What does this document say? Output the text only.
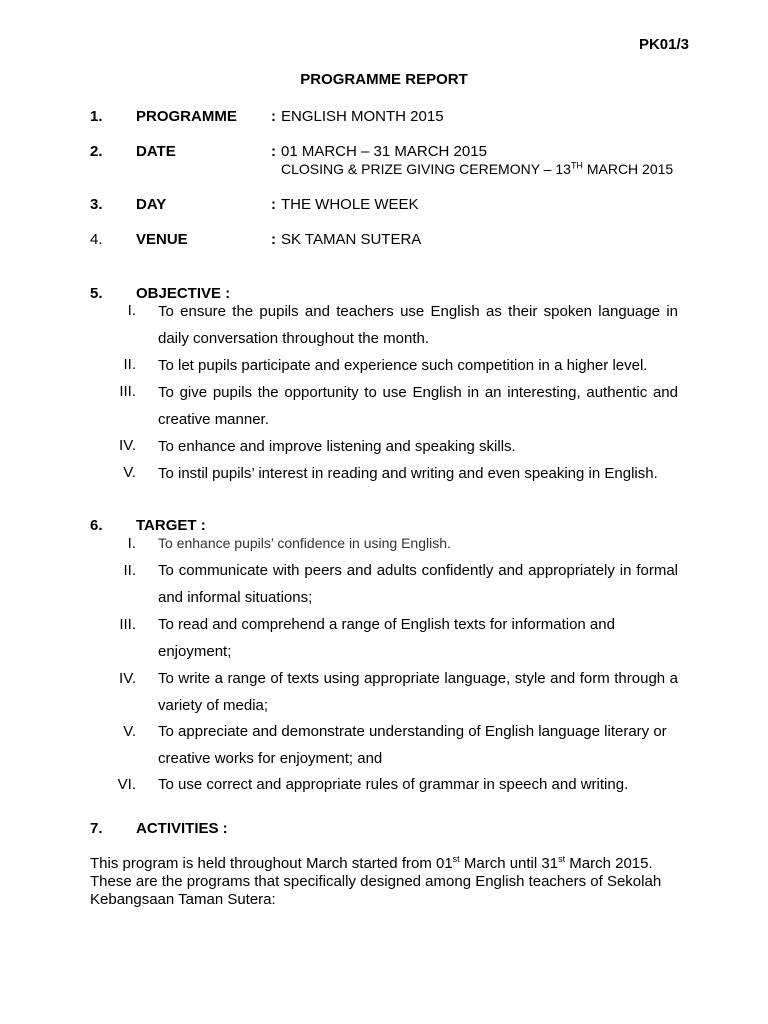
PK01/3
PROGRAMME REPORT
1. PROGRAMME : ENGLISH MONTH 2015
2. DATE	: 01 MARCH – 31 MARCH 2015
CLOSING & PRIZE GIVING CEREMONY – 13TH MARCH 2015
3. DAY	: THE WHOLE WEEK
4. VENUE	: SK TAMAN SUTERA
5. OBJECTIVE :
I. To ensure the pupils and teachers use English as their spoken language in daily conversation throughout the month.
II. To let pupils participate and experience such competition in a higher level.
III. To give pupils the opportunity to use English in an interesting, authentic and creative manner.
IV. To enhance and improve listening and speaking skills.
V. To instil pupils’ interest in reading and writing and even speaking in English.
6. TARGET :
I. To enhance pupils’ confidence in using English.
II. To communicate with peers and adults confidently and appropriately in formal and informal situations;
III. To read and comprehend a range of English texts for information and enjoyment;
IV. To write a range of texts using appropriate language, style and form through a variety of media;
V. To appreciate and demonstrate understanding of English language literary or creative works for enjoyment; and
VI. To use correct and appropriate rules of grammar in speech and writing.
7. ACTIVITIES :
This program is held throughout March started from 01st March until 31st March 2015. These are the programs that specifically designed among English teachers of Sekolah Kebangsaan Taman Sutera:
